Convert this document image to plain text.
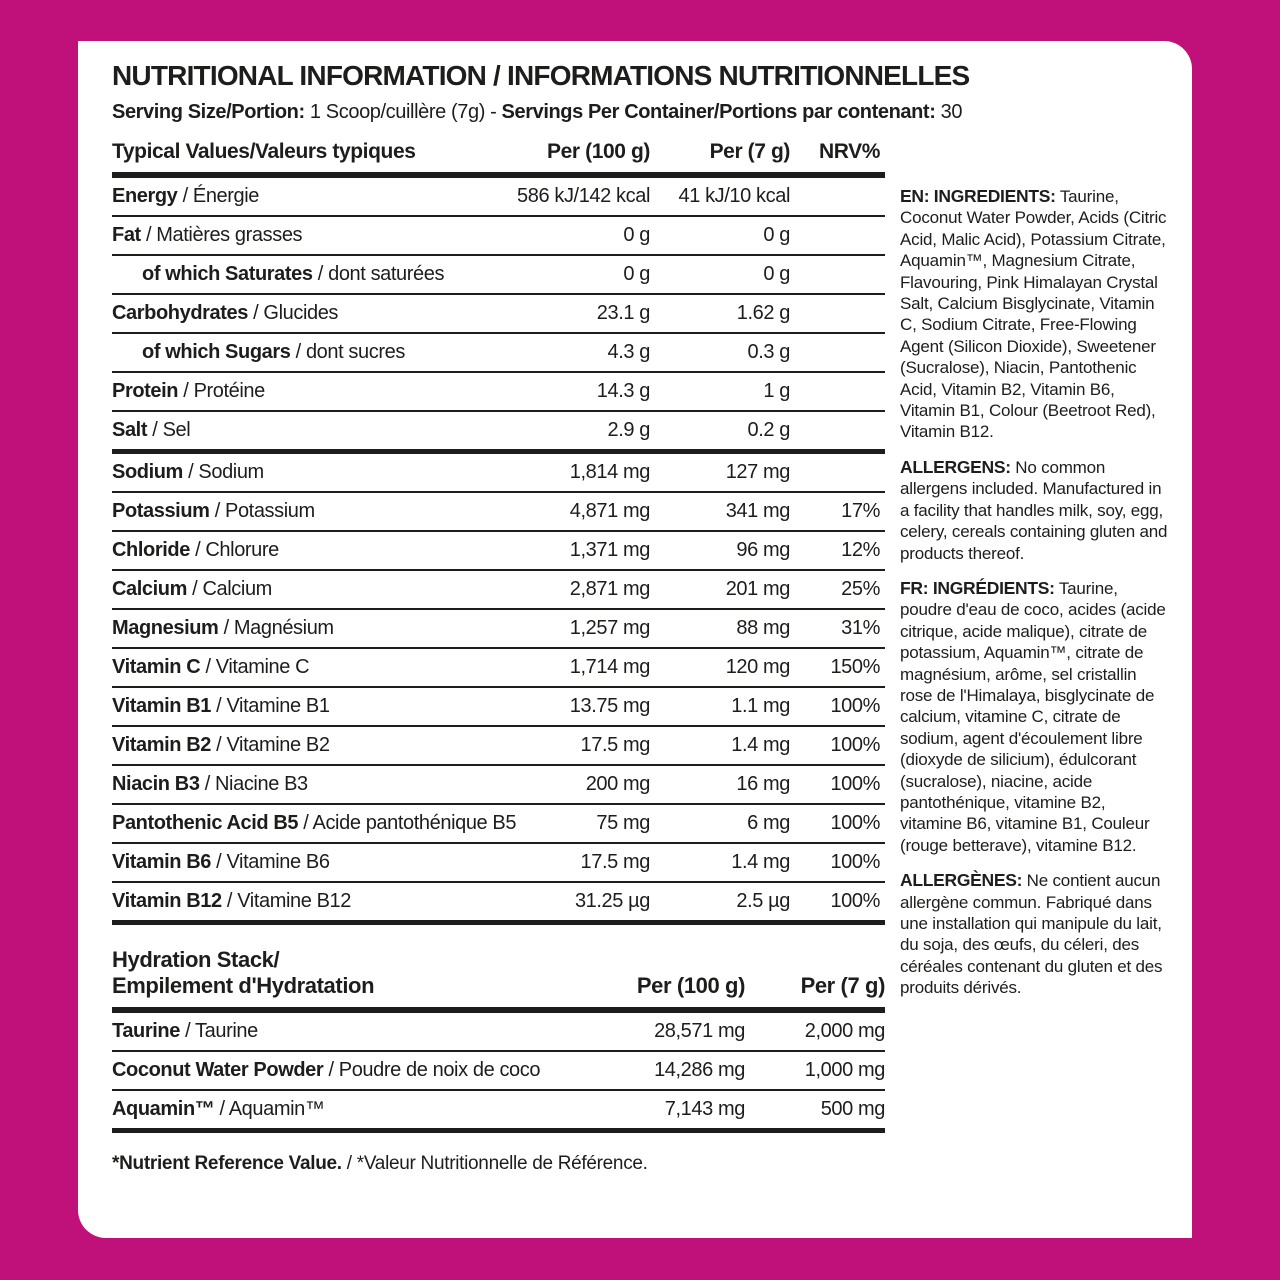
NUTRITIONAL INFORMATION / INFORMATIONS NUTRITIONNELLES

Serving Size/Portion: 1 Scoop/cuillère (7g) - Servings Per Container/Portions par contenant: 30

Typical Values/Valeurs typiques	Per (100 g)	Per (7 g)	NRV%
Energy / Énergie	586 kJ/142 kcal	41 kJ/10 kcal	
Fat / Matières grasses	0 g	0 g	
of which Saturates / dont saturées	0 g	0 g	
Carbohydrates / Glucides	23.1 g	1.62 g	
of which Sugars / dont sucres	4.3 g	0.3 g	
Protein / Protéine	14.3 g	1 g	
Salt / Sel	2.9 g	0.2 g	
Sodium / Sodium	1,814 mg	127 mg	
Potassium / Potassium	4,871 mg	341 mg	17%
Chloride / Chlorure	1,371 mg	96 mg	12%
Calcium / Calcium	2,871 mg	201 mg	25%
Magnesium / Magnésium	1,257 mg	88 mg	31%
Vitamin C / Vitamine C	1,714 mg	120 mg	150%
Vitamin B1 / Vitamine B1	13.75 mg	1.1 mg	100%
Vitamin B2 / Vitamine B2	17.5 mg	1.4 mg	100%
Niacin B3 / Niacine B3	200 mg	16 mg	100%
Pantothenic Acid B5 / Acide pantothénique B5	75 mg	6 mg	100%
Vitamin B6 / Vitamine B6	17.5 mg	1.4 mg	100%
Vitamin B12 / Vitamine B12	31.25 µg	2.5 µg	100%
Hydration Stack/
Empilement d'Hydratation	Per (100 g)	Per (7 g)
Taurine / Taurine	28,571 mg	2,000 mg
Coconut Water Powder / Poudre de noix de coco	14,286 mg	1,000 mg
Aquamin™ / Aquamin™	7,143 mg	500 mg

*Nutrient Reference Value. / *Valeur Nutritionnelle de Référence.

EN: INGREDIENTS: Taurine, Coconut Water Powder, Acids (Citric Acid, Malic Acid), Potassium Citrate, Aquamin™, Magnesium Citrate, Flavouring, Pink Himalayan Crystal Salt, Calcium Bisglycinate, Vitamin C, Sodium Citrate, Free-Flowing Agent (Silicon Dioxide), Sweetener (Sucralose), Niacin, Pantothenic Acid, Vitamin B2, Vitamin B6, Vitamin B1, Colour (Beetroot Red), Vitamin B12.

ALLERGENS: No common allergens included. Manufactured in a facility that handles milk, soy, egg, celery, cereals containing gluten and products thereof.

FR: INGRÉDIENTS: Taurine, poudre d'eau de coco, acides (acide citrique, acide malique), citrate de potassium, Aquamin™, citrate de magnésium, arôme, sel cristallin rose de l'Himalaya, bisglycinate de calcium, vitamine C, citrate de sodium, agent d'écoulement libre (dioxyde de silicium), édulcorant (sucralose), niacine, acide pantothénique, vitamine B2, vitamine B6, vitamine B1, Couleur (rouge betterave), vitamine B12.

ALLERGÈNES: Ne contient aucun allergène commun. Fabriqué dans une installation qui manipule du lait, du soja, des œufs, du céleri, des céréales contenant du gluten et des produits dérivés.
